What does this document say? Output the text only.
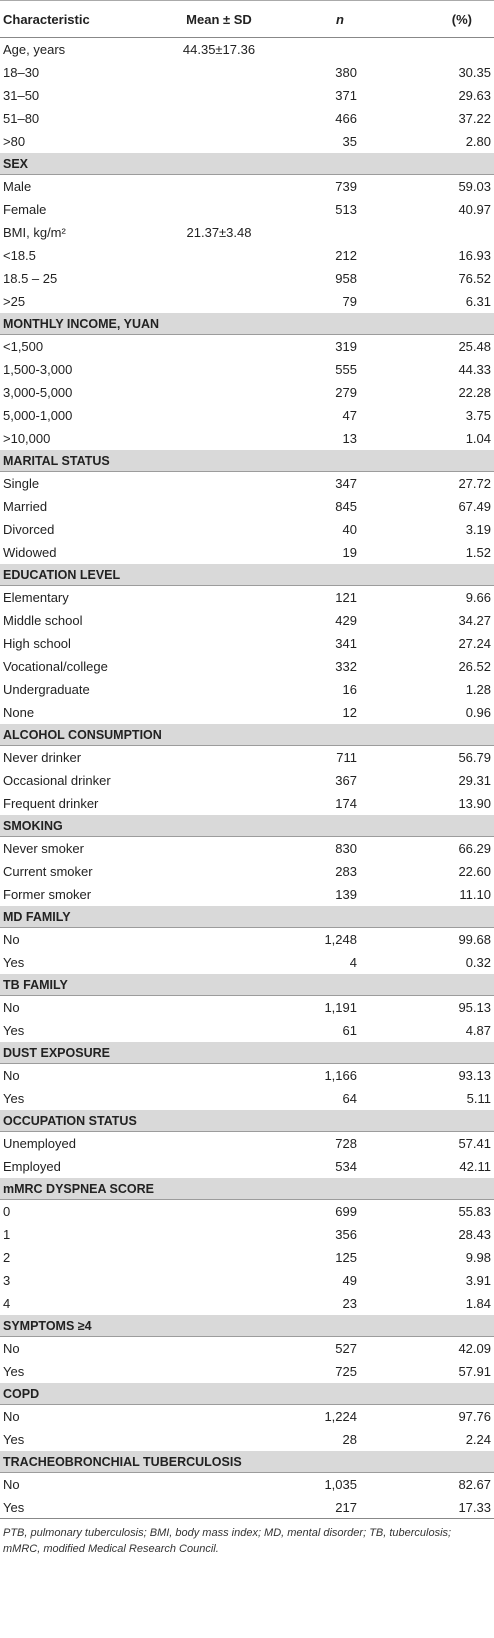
Characteristic	Mean ± SD	n	(%)
Age, years	44.35±17.36		
18–30		380	30.35
31–50		371	29.63
51–80		466	37.22
>80		35	2.80
SEX			
Male		739	59.03
Female		513	40.97
BMI, kg/m²	21.37±3.48		
<18.5		212	16.93
18.5 – 25		958	76.52
>25		79	6.31
MONTHLY INCOME, YUAN			
<1,500		319	25.48
1,500-3,000		555	44.33
3,000-5,000		279	22.28
5,000-1,000		47	3.75
>10,000		13	1.04
MARITAL STATUS			
Single		347	27.72
Married		845	67.49
Divorced		40	3.19
Widowed		19	1.52
EDUCATION LEVEL			
Elementary		121	9.66
Middle school		429	34.27
High school		341	27.24
Vocational/college		332	26.52
Undergraduate		16	1.28
None		12	0.96
ALCOHOL CONSUMPTION			
Never drinker		711	56.79
Occasional drinker		367	29.31
Frequent drinker		174	13.90
SMOKING			
Never smoker		830	66.29
Current smoker		283	22.60
Former smoker		139	11.10
MD FAMILY			
No		1,248	99.68
Yes		4	0.32
TB FAMILY			
No		1,191	95.13
Yes		61	4.87
DUST EXPOSURE			
No		1,166	93.13
Yes		64	5.11
OCCUPATION STATUS			
Unemployed		728	57.41
Employed		534	42.11
mMRC DYSPNEA SCORE			
0		699	55.83
1		356	28.43
2		125	9.98
3		49	3.91
4		23	1.84
SYMPTOMS ≥4			
No		527	42.09
Yes		725	57.91
COPD			
No		1,224	97.76
Yes		28	2.24
TRACHEOBRONCHIAL TUBERCULOSIS			
No		1,035	82.67
Yes		217	17.33
PTB, pulmonary tuberculosis; BMI, body mass index; MD, mental disorder; TB, tuberculosis; mMRC, modified Medical Research Council.
